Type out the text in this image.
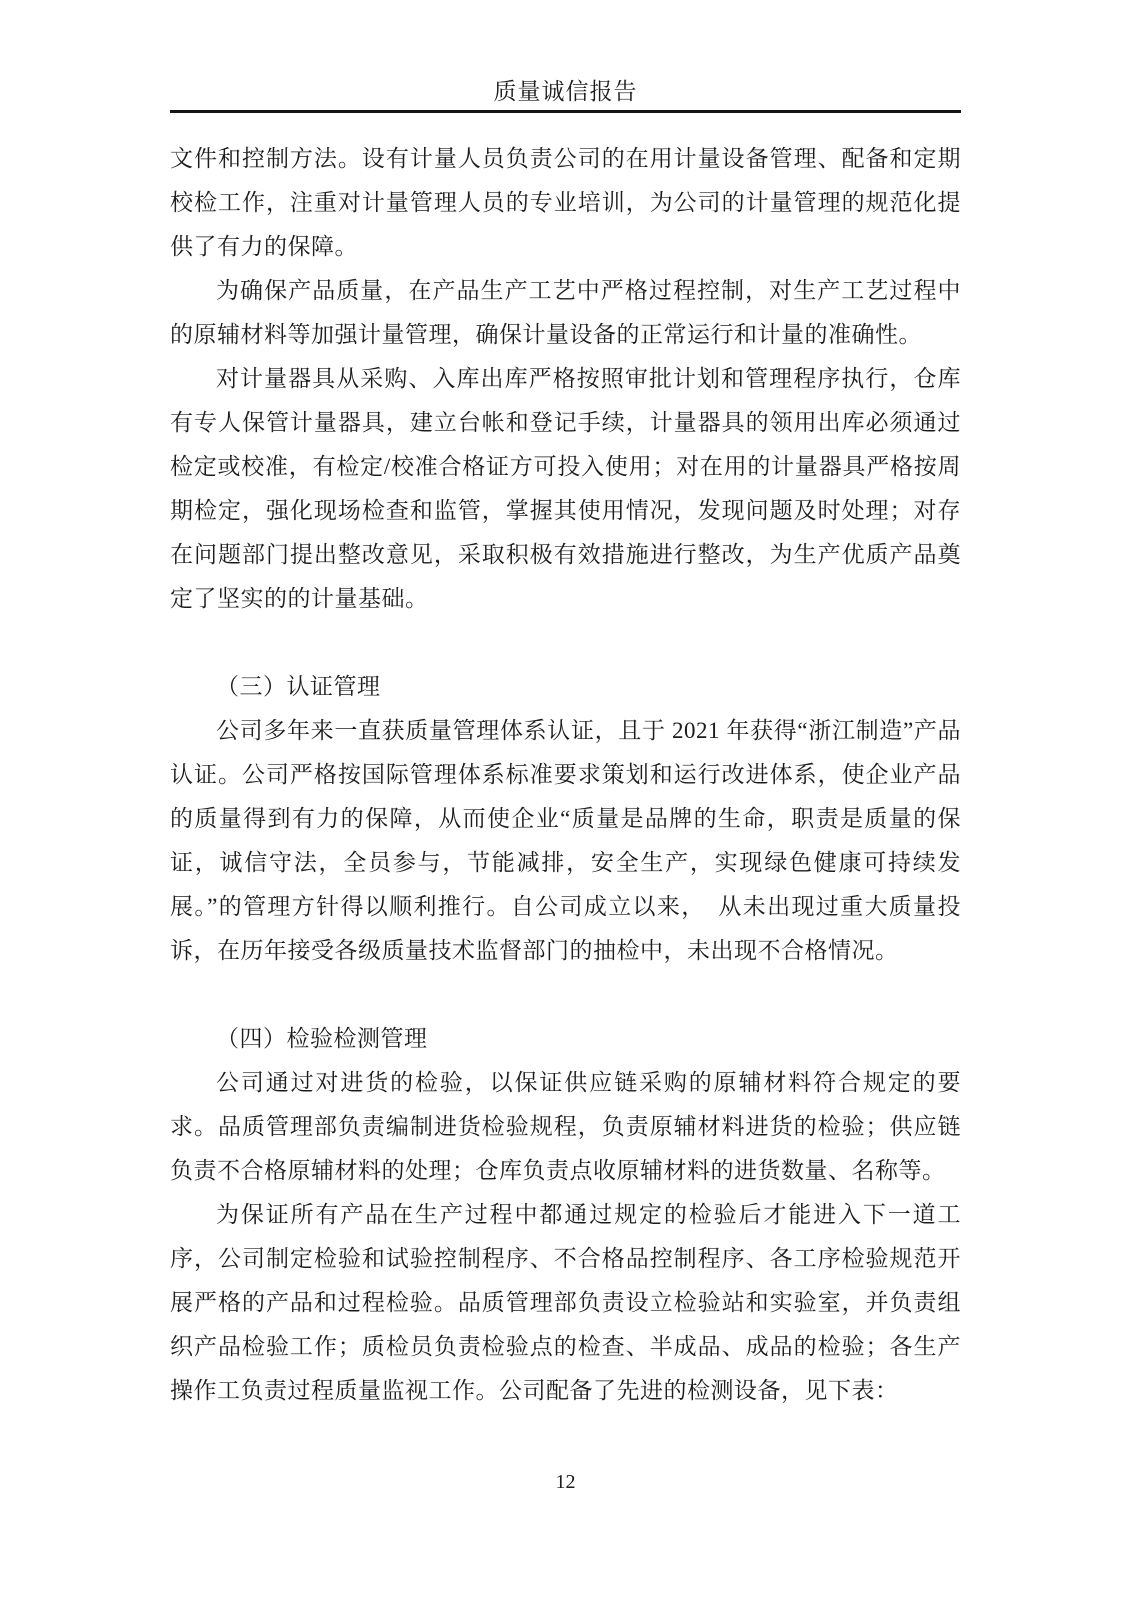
质量诚信报告

文件和控制方法。设有计量人员负责公司的在用计量设备管理、配备和定期校检工作，注重对计量管理人员的专业培训，为公司的计量管理的规范化提供了有力的保障。

为确保产品质量，在产品生产工艺中严格过程控制，对生产工艺过程中的原辅材料等加强计量管理，确保计量设备的正常运行和计量的准确性。

对计量器具从采购、入库出库严格按照审批计划和管理程序执行，仓库有专人保管计量器具，建立台帐和登记手续，计量器具的领用出库必须通过检定或校准，有检定/校准合格证方可投入使用；对在用的计量器具严格按周期检定，强化现场检查和监管，掌握其使用情况，发现问题及时处理；对存在问题部门提出整改意见，采取积极有效措施进行整改，为生产优质产品奠定了坚实的的计量基础。

（三）认证管理

公司多年来一直获质量管理体系认证，且于 2021 年获得“浙江制造”产品认证。公司严格按国际管理体系标准要求策划和运行改进体系，使企业产品的质量得到有力的保障，从而使企业“质量是品牌的生命，职责是质量的保证，诚信守法，全员参与，节能减排，安全生产，实现绿色健康可持续发展。”的管理方针得以顺利推行。自公司成立以来，　从未出现过重大质量投诉，在历年接受各级质量技术监督部门的抽检中，未出现不合格情况。

（四）检验检测管理

公司通过对进货的检验，以保证供应链采购的原辅材料符合规定的要求。品质管理部负责编制进货检验规程，负责原辅材料进货的检验；供应链负责不合格原辅材料的处理；仓库负责点收原辅材料的进货数量、名称等。

为保证所有产品在生产过程中都通过规定的检验后才能进入下一道工序，公司制定检验和试验控制程序、不合格品控制程序、各工序检验规范开展严格的产品和过程检验。品质管理部负责设立检验站和实验室，并负责组织产品检验工作；质检员负责检验点的检查、半成品、成品的检验；各生产操作工负责过程质量监视工作。公司配备了先进的检测设备，见下表：

12
